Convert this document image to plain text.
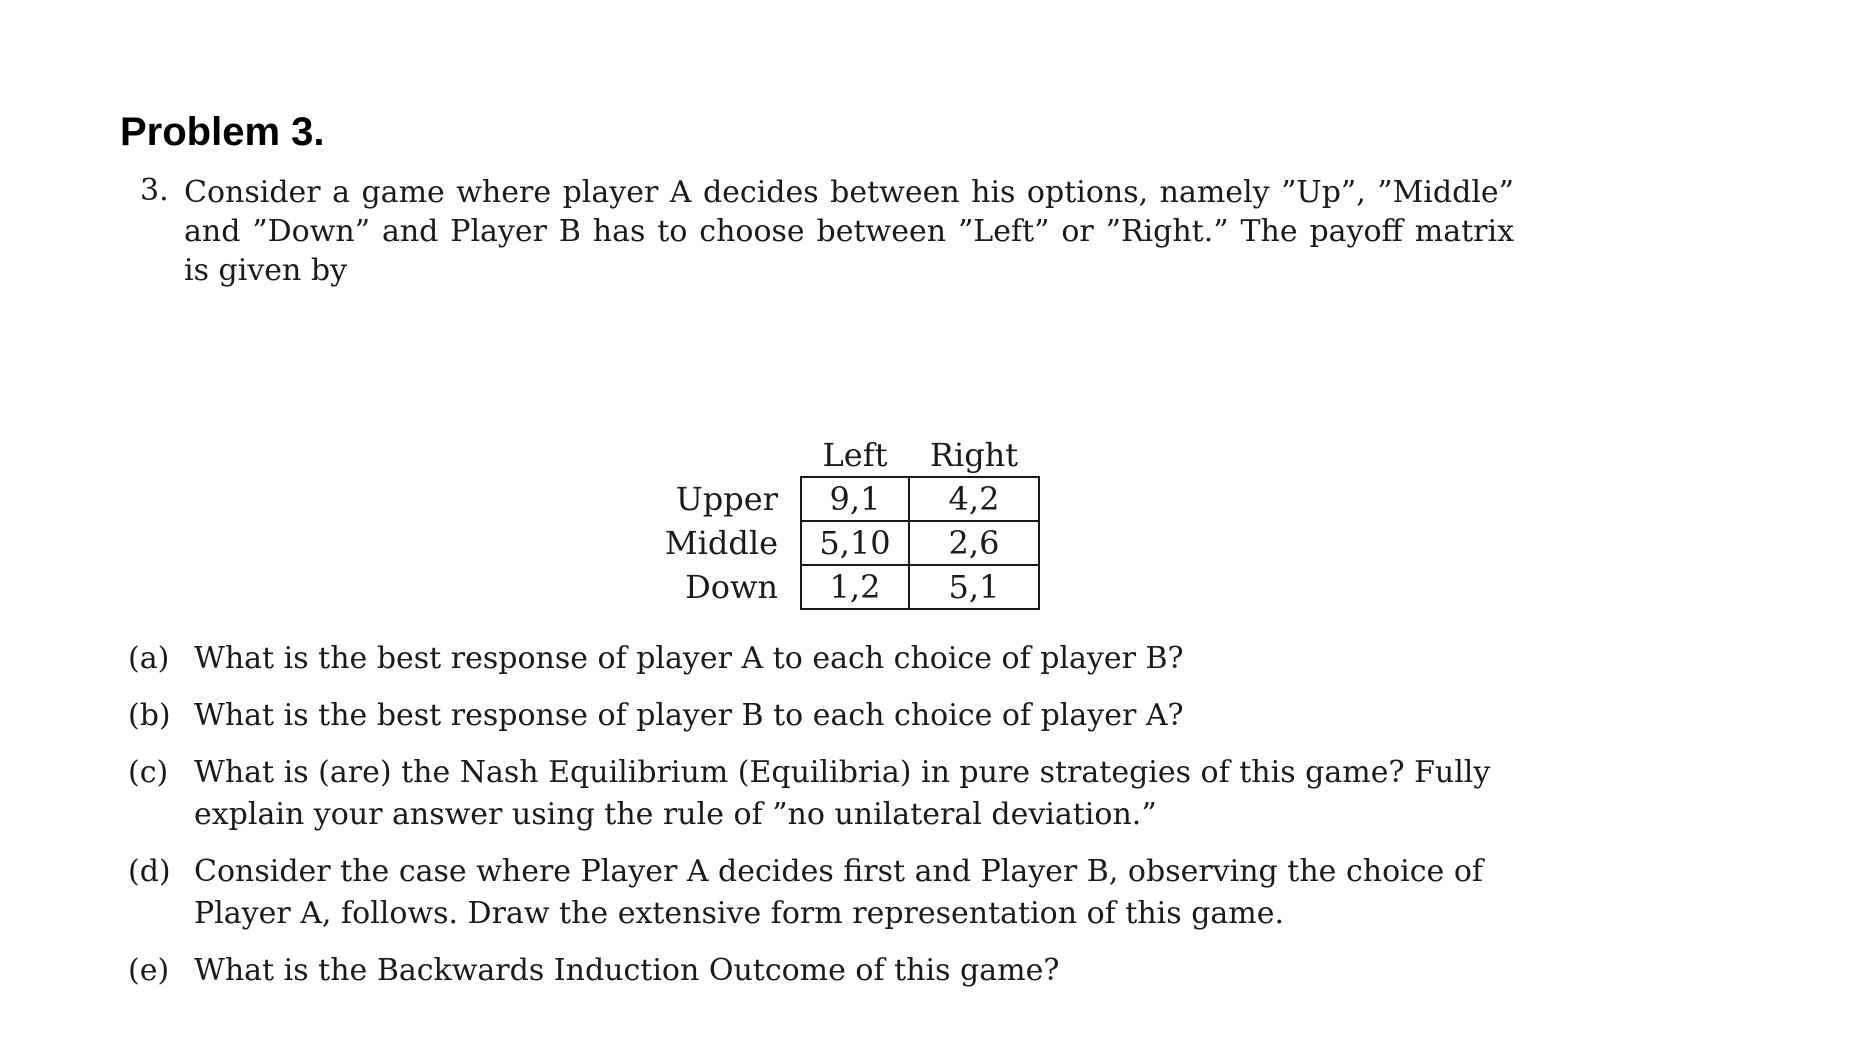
Problem 3.
3. Consider a game where player A decides between his options, namely ”Up”, ”Middle” and ”Down” and Player B has to choose between ”Left” or ”Right.” The payoff matrix is given by
	Left	Right
Upper	9,1	4,2
Middle	5,10	2,6
Down	1,2	5,1
(a) What is the best response of player A to each choice of player B?
(b) What is the best response of player B to each choice of player A?
(c) What is (are) the Nash Equilibrium (Equilibria) in pure strategies of this game? Fully explain your answer using the rule of ”no unilateral deviation.”
(d) Consider the case where Player A decides first and Player B, observing the choice of Player A, follows. Draw the extensive form representation of this game.
(e) What is the Backwards Induction Outcome of this game?
